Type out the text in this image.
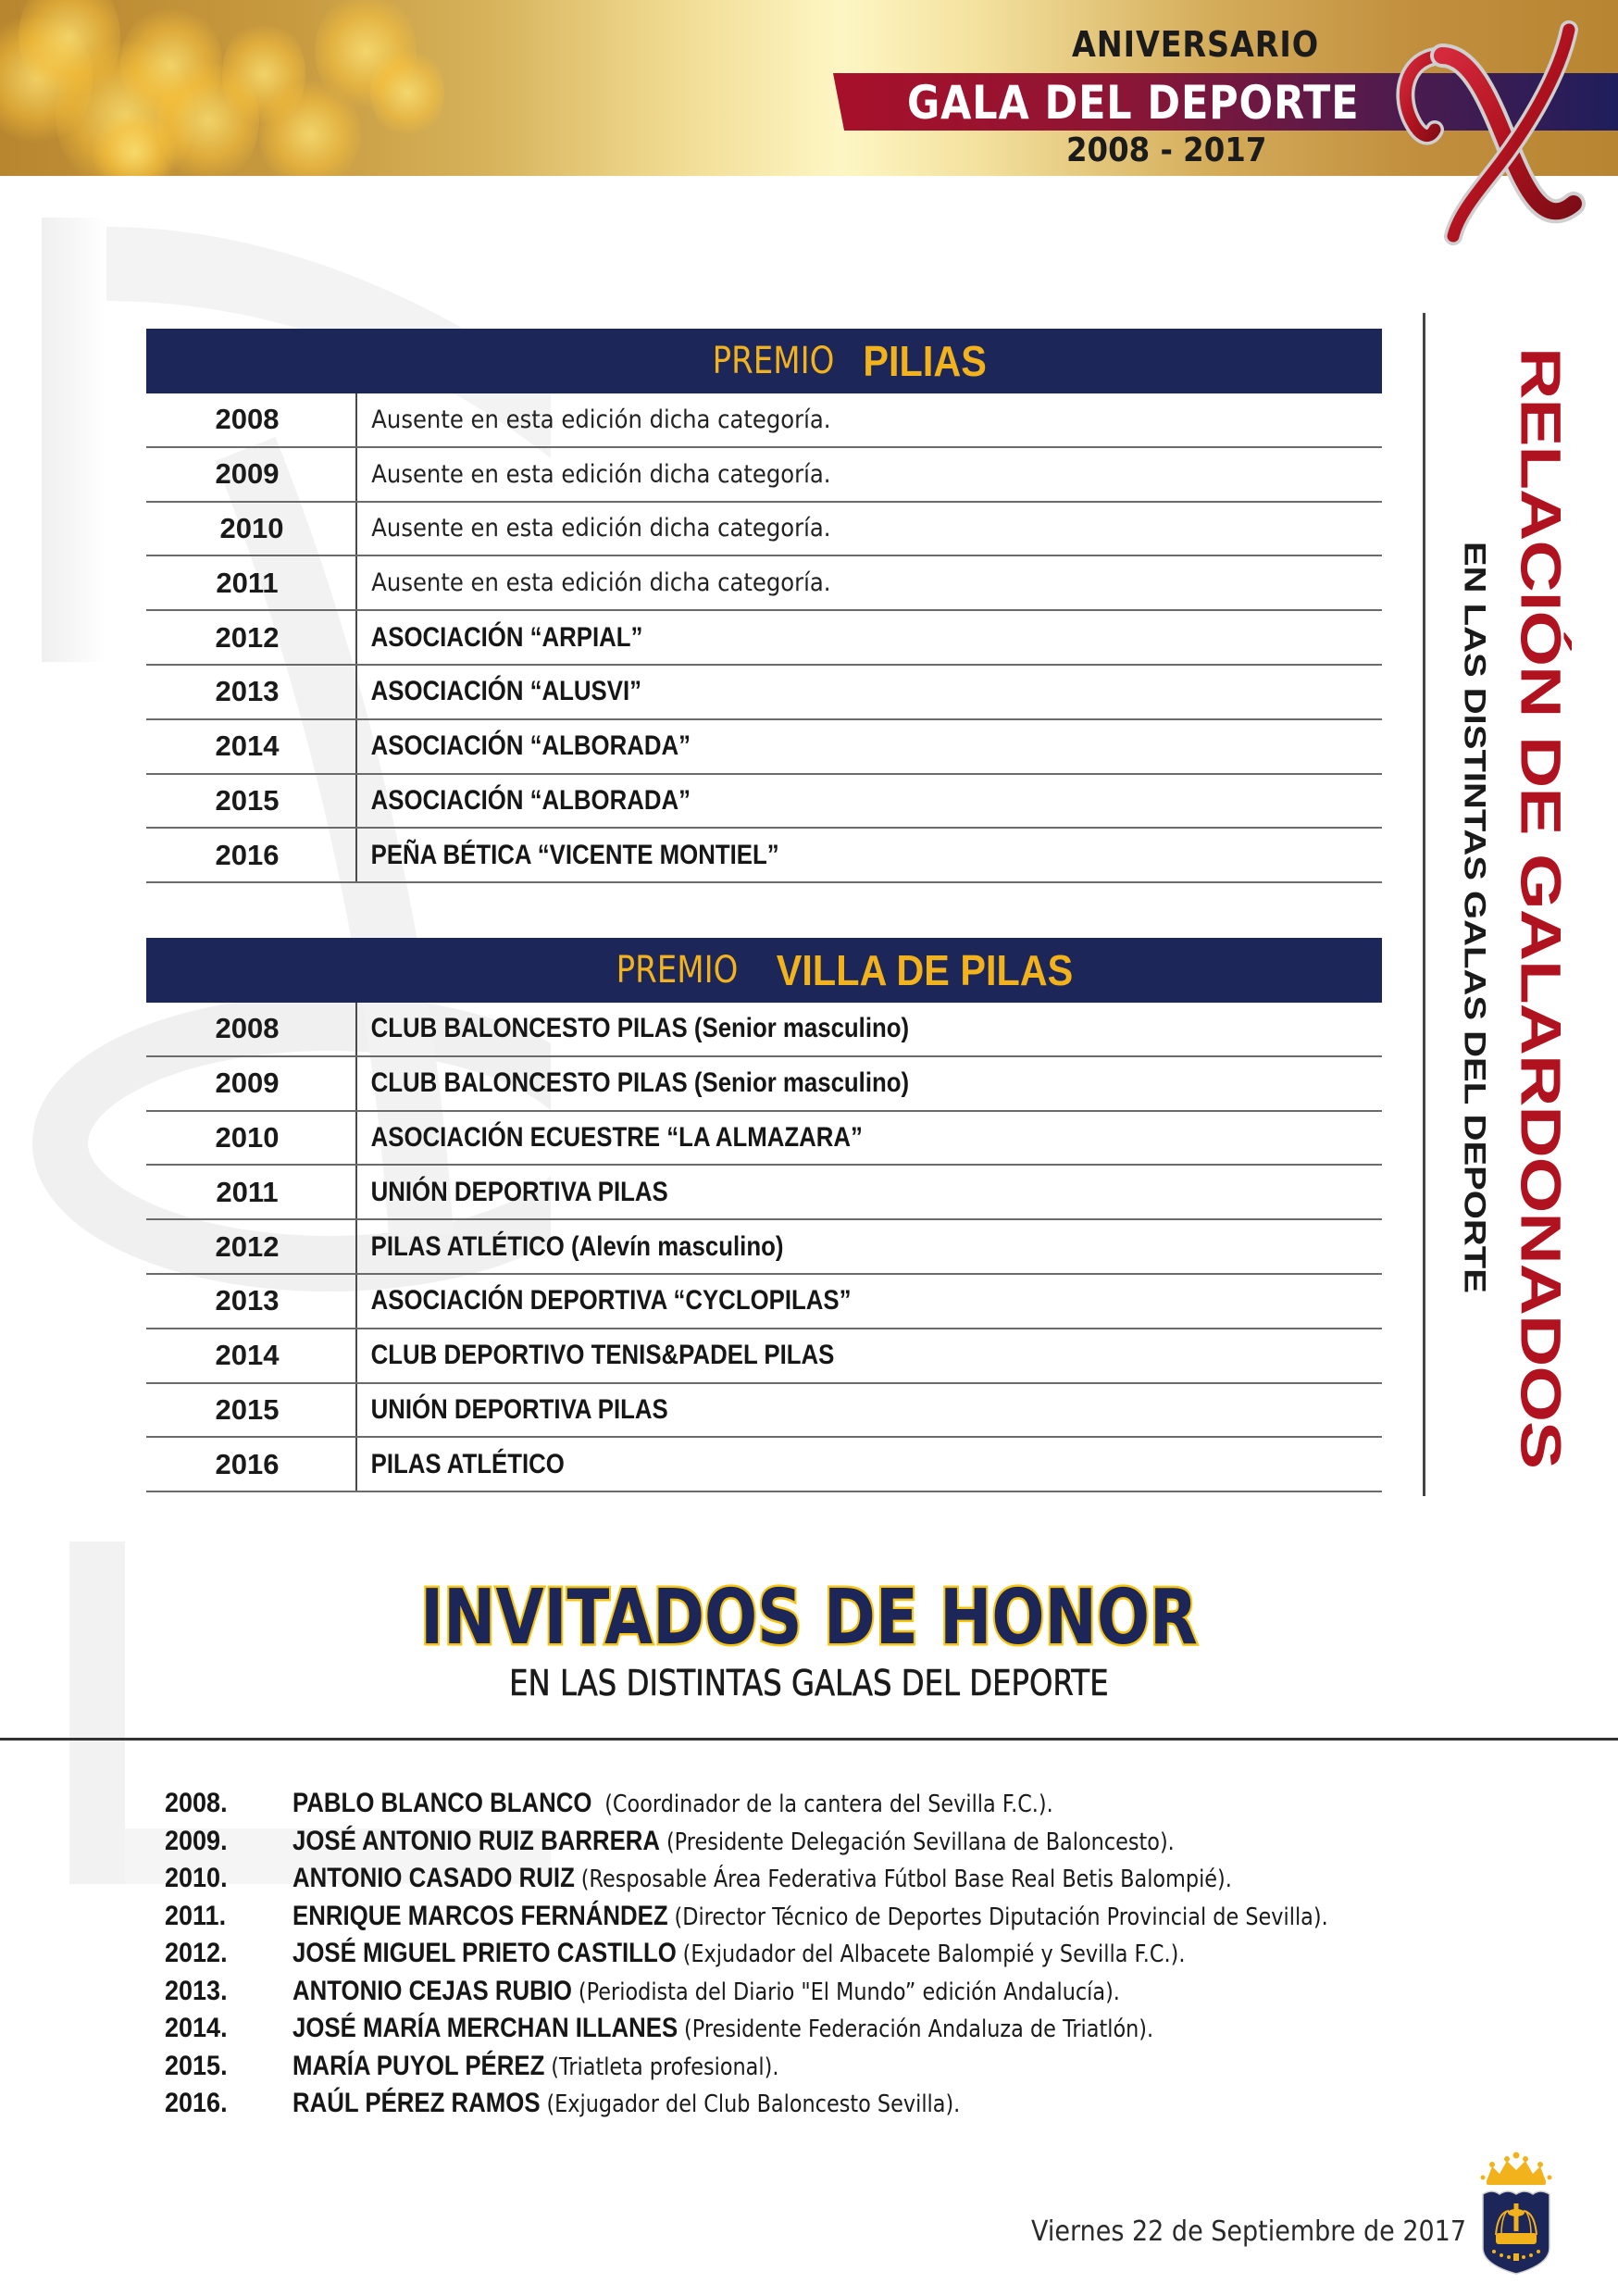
ANIVERSARIO
GALA DEL DEPORTE
2008 - 2017
PREMIO PILIAS
2008	Ausente en esta edición dicha categoría.
2009	Ausente en esta edición dicha categoría.
2010	Ausente en esta edición dicha categoría.
2011	Ausente en esta edición dicha categoría.
2012	ASOCIACIÓN “ARPIAL”
2013	ASOCIACIÓN “ALUSVI”
2014	ASOCIACIÓN “ALBORADA”
2015	ASOCIACIÓN “ALBORADA”
2016	PEÑA BÉTICA “VICENTE MONTIEL”
PREMIO VILLA DE PILAS
2008	CLUB BALONCESTO PILAS (Senior masculino)
2009	CLUB BALONCESTO PILAS (Senior masculino)
2010	ASOCIACIÓN ECUESTRE “LA ALMAZARA”
2011	UNIÓN DEPORTIVA PILAS
2012	PILAS ATLÉTICO (Alevín masculino)
2013	ASOCIACIÓN DEPORTIVA “CYCLOPILAS”
2014	CLUB DEPORTIVO TENIS&PADEL PILAS
2015	UNIÓN DEPORTIVA PILAS
2016	PILAS ATLÉTICO
EN LAS DISTINTAS GALAS DEL DEPORTE RELACIÓN DE GALARDONADOS
INVITADOS DE HONOR
EN LAS DISTINTAS GALAS DEL DEPORTE
2008.	PABLO BLANCO BLANCO (Coordinador de la cantera del Sevilla F.C.).
2009.	JOSÉ ANTONIO RUIZ BARRERA (Presidente Delegación Sevillana de Baloncesto).
2010.	ANTONIO CASADO RUIZ (Resposable Área Federativa Fútbol Base Real Betis Balompié).
2011.	ENRIQUE MARCOS FERNÁNDEZ (Director Técnico de Deportes Diputación Provincial de Sevilla).
2012.	JOSÉ MIGUEL PRIETO CASTILLO (Exjudador del Albacete Balompié y Sevilla F.C.).
2013.	ANTONIO CEJAS RUBIO (Periodista del Diario "El Mundo” edición Andalucía).
2014.	JOSÉ MARÍA MERCHAN ILLANES (Presidente Federación Andaluza de Triatlón).
2015.	MARÍA PUYOL PÉREZ (Triatleta profesional).
2016.	RAÚL PÉREZ RAMOS (Exjugador del Club Baloncesto Sevilla).
Viernes 22 de Septiembre de 2017
